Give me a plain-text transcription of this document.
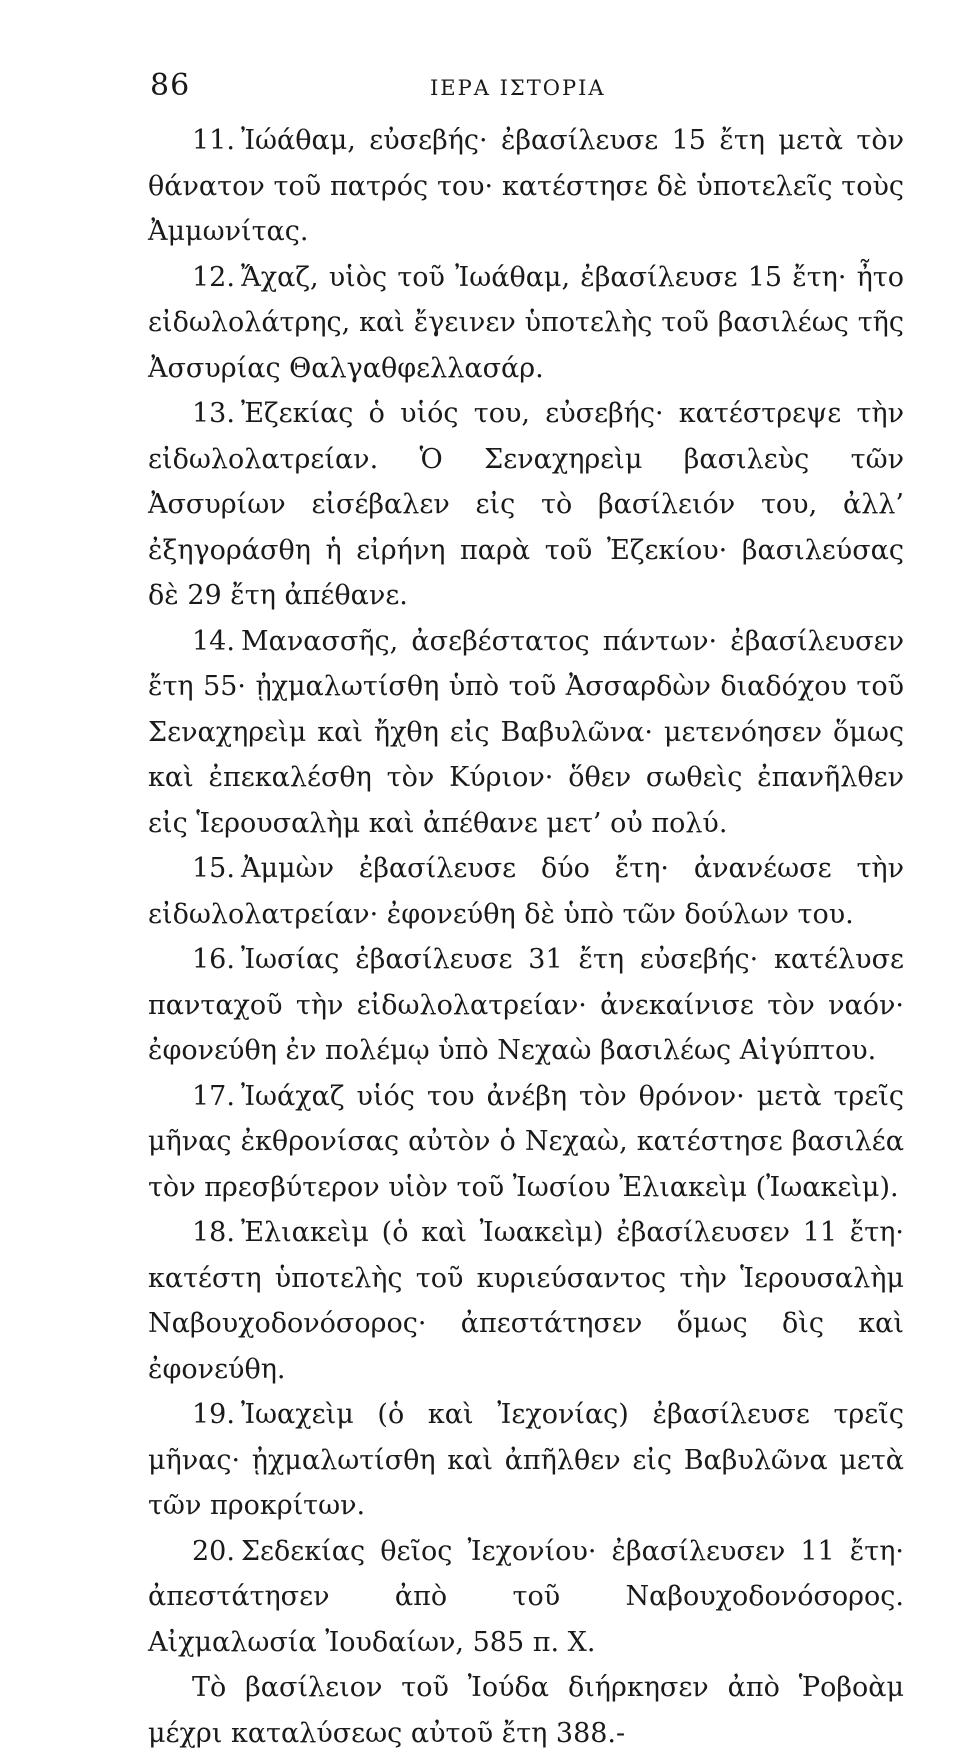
86	ΙΕΡΑ ΙΣΤΟΡΙΑ

11. Ἰώάθαμ, εὐσεβής· ἐβασίλευσε 15 ἔτη μετὰ τὸν θάνατον τοῦ πατρός του· κατέστησε δὲ ὑποτελεῖς τοὺς Ἀμμωνίτας.

12. Ἄχαζ, υἱὸς τοῦ Ἰωάθαμ, ἐβασίλευσε 15 ἔτη· ἦτο εἰδωλολάτρης, καὶ ἔγεινεν ὑποτελὴς τοῦ βασιλέως τῆς Ἀσσυρίας Θαλγαθφελλασάρ.

13. Ἐζεκίας ὁ υἱός του, εὐσεβής· κατέστρεψε τὴν εἰδωλολατρείαν. Ὁ Σεναχηρεὶμ βασιλεὺς τῶν Ἀσσυρίων εἰσέβαλεν εἰς τὸ βασίλειόν του, ἀλλ’ ἐξηγοράσθη ἡ εἰρήνη παρὰ τοῦ Ἐζεκίου· βασιλεύσας δὲ 29 ἔτη ἀπέθανε.

14. Μανασσῆς, ἀσεβέστατος πάντων· ἐβασίλευσεν ἔτη 55· ᾐχμαλωτίσθη ὑπὸ τοῦ Ἀσσαρδὼν διαδόχου τοῦ Σεναχηρεὶμ καὶ ἤχθη εἰς Βαβυλῶνα· μετενόησεν ὅμως καὶ ἐπεκαλέσθη τὸν Κύριον· ὅθεν σωθεὶς ἐπανῆλθεν εἰς Ἱερουσαλὴμ καὶ ἀπέθανε μετ’ οὐ πολύ.

15. Ἀμμὼν ἐβασίλευσε δύο ἔτη· ἀνανέωσε τὴν εἰδωλολατρείαν· ἐφονεύθη δὲ ὑπὸ τῶν δούλων του.

16. Ἰωσίας ἐβασίλευσε 31 ἔτη εὐσεβής· κατέλυσε πανταχοῦ τὴν εἰδωλολατρείαν· ἀνεκαίνισε τὸν ναόν· ἐφονεύθη ἐν πολέμῳ ὑπὸ Νεχαὼ βασιλέως Αἰγύπτου.

17. Ἰωάχαζ υἱός του ἀνέβη τὸν θρόνον· μετὰ τρεῖς μῆνας ἐκθρονίσας αὐτὸν ὁ Νεχαὼ, κατέστησε βασιλέα τὸν πρεσβύτερον υἱὸν τοῦ Ἰωσίου Ἐλιακεὶμ (Ἰωακεὶμ).

18. Ἐλιακεὶμ (ὁ καὶ Ἰωακεὶμ) ἐβασίλευσεν 11 ἔτη· κατέστη ὑποτελὴς τοῦ κυριεύσαντος τὴν Ἱερουσαλὴμ Ναβουχοδονόσορος· ἀπεστάτησεν ὅμως δὶς καὶ ἐφονεύθη.

19. Ἰωαχεὶμ (ὁ καὶ Ἰεχονίας) ἐβασίλευσε τρεῖς μῆνας· ᾐχμαλωτίσθη καὶ ἀπῆλθεν εἰς Βαβυλῶνα μετὰ τῶν προκρίτων.

20. Σεδεκίας θεῖος Ἰεχονίου· ἐβασίλευσεν 11 ἔτη· ἀπεστάτησεν ἀπὸ τοῦ Ναβουχοδονόσορος. Αἰχμαλωσία Ἰουδαίων, 585 π. Χ.

Τὸ βασίλειον τοῦ Ἰούδα διήρκησεν ἀπὸ Ῥοβοὰμ μέχρι καταλύσεως αὐτοῦ ἔτη 388.-
